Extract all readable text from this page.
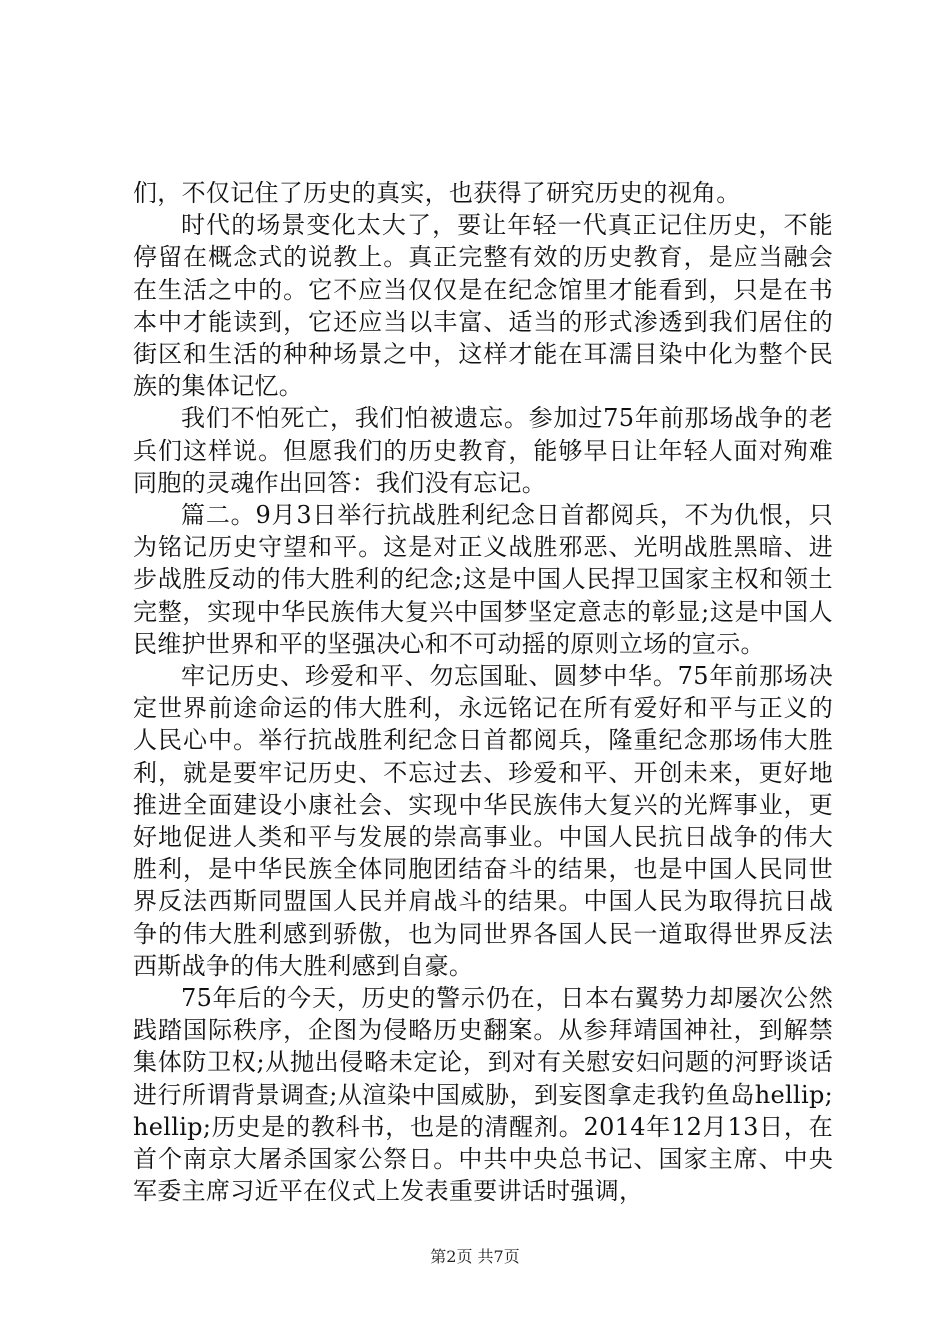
们，不仅记住了历史的真实，也获得了研究历史的视角。

时代的场景变化太大了，要让年轻一代真正记住历史，不能停留在概念式的说教上。真正完整有效的历史教育，是应当融会在生活之中的。它不应当仅仅是在纪念馆里才能看到，只是在书本中才能读到，它还应当以丰富、适当的形式渗透到我们居住的街区和生活的种种场景之中，这样才能在耳濡目染中化为整个民族的集体记忆。

我们不怕死亡，我们怕被遗忘。参加过75年前那场战争的老兵们这样说。但愿我们的历史教育，能够早日让年轻人面对殉难同胞的灵魂作出回答：我们没有忘记。

篇二。9月3日举行抗战胜利纪念日首都阅兵，不为仇恨，只为铭记历史守望和平。这是对正义战胜邪恶、光明战胜黑暗、进步战胜反动的伟大胜利的纪念;这是中国人民捍卫国家主权和领土完整，实现中华民族伟大复兴中国梦坚定意志的彰显;这是中国人民维护世界和平的坚强决心和不可动摇的原则立场的宣示。

牢记历史、珍爱和平、勿忘国耻、圆梦中华。75年前那场决定世界前途命运的伟大胜利，永远铭记在所有爱好和平与正义的人民心中。举行抗战胜利纪念日首都阅兵，隆重纪念那场伟大胜利，就是要牢记历史、不忘过去、珍爱和平、开创未来，更好地推进全面建设小康社会、实现中华民族伟大复兴的光辉事业，更好地促进人类和平与发展的崇高事业。中国人民抗日战争的伟大胜利，是中华民族全体同胞团结奋斗的结果，也是中国人民同世界反法西斯同盟国人民并肩战斗的结果。中国人民为取得抗日战争的伟大胜利感到骄傲，也为同世界各国人民一道取得世界反法西斯战争的伟大胜利感到自豪。

75年后的今天，历史的警示仍在，日本右翼势力却屡次公然践踏国际秩序，企图为侵略历史翻案。从参拜靖国神社，到解禁集体防卫权;从抛出侵略未定论，到对有关慰安妇问题的河野谈话进行所谓背景调查;从渲染中国威胁，到妄图拿走我钓鱼岛hellip;hellip;历史是的教科书，也是的清醒剂。2014年12月13日，在首个南京大屠杀国家公祭日。中共中央总书记、国家主席、中央军委主席习近平在仪式上发表重要讲话时强调，

第2页 共7页
